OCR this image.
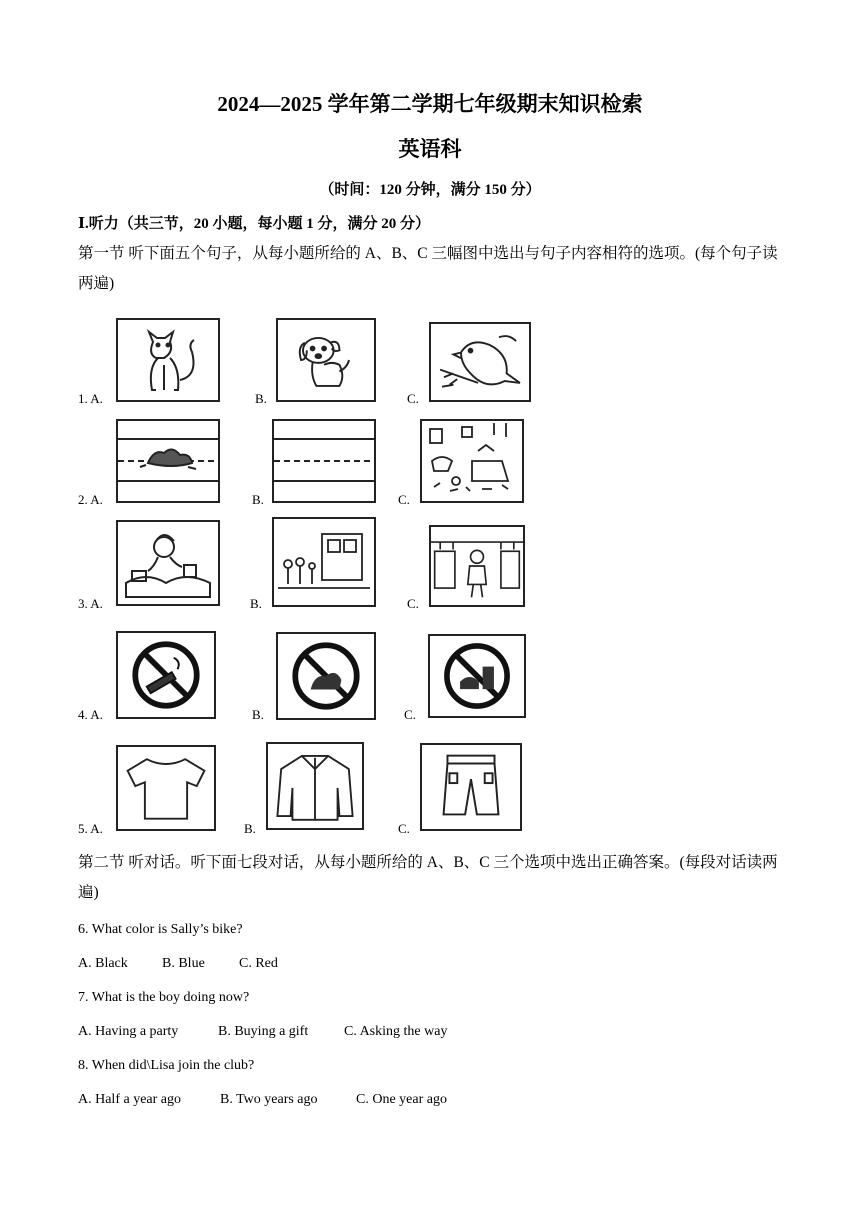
2024—2025 学年第二学期七年级期末知识检索
英语科
（时间：120 分钟，满分 150 分）
Ⅰ.听力（共三节，20 小题，每小题 1 分，满分 20 分）
第一节 听下面五个句子，从每小题所给的 A、B、C 三幅图中选出与句子内容相符的选项。(每个句子读两遍)
1. A.	B.	C.
2. A.	B.	C.
3. A.	B.	C.
4. A.	B.	C.
5. A.	B.	C.
第二节 听对话。听下面七段对话，从每小题所给的 A、B、C 三个选项中选出正确答案。(每段对话读两遍)
6. What color is Sally’s bike?
A. Black B. Blue C. Red
7. What is the boy doing now?
A. Having a party	B. Buying a gift	C. Asking the way
8. When did\Lisa join the club?
A. Half a year ago	B. Two years ago	C. One year ago
